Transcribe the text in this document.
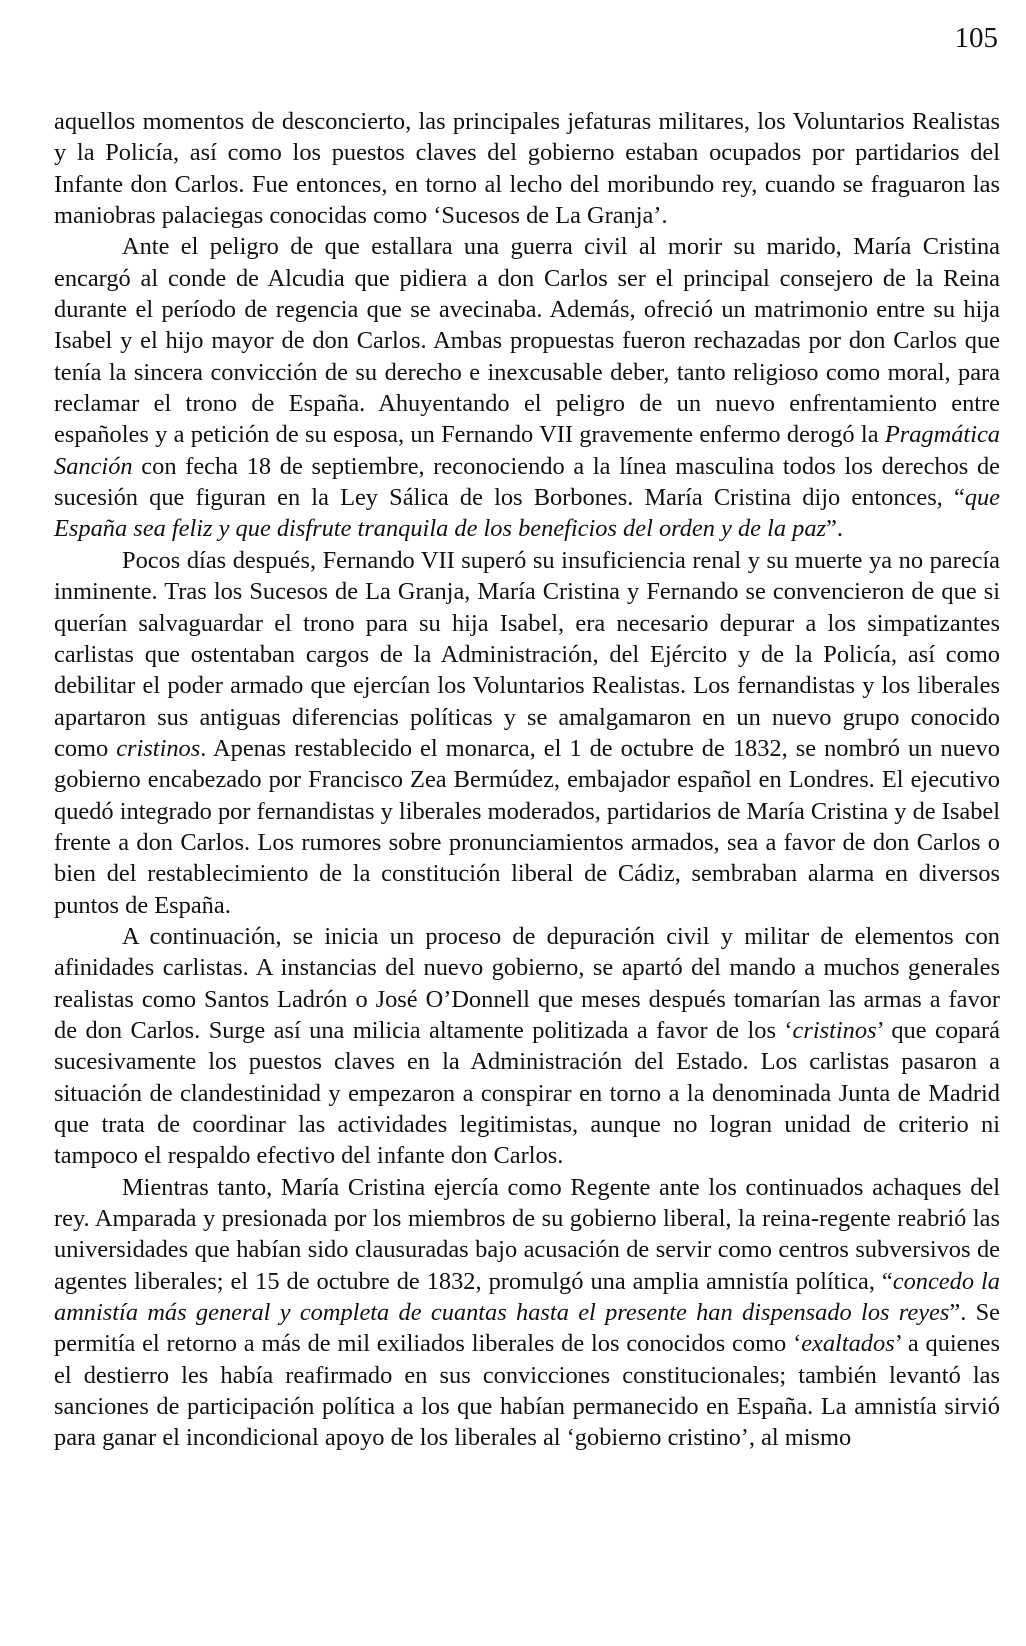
105

aquellos momentos de desconcierto, las principales jefaturas militares, los Voluntarios Realistas y la Policía, así como los puestos claves del gobierno estaban ocupados por partidarios del Infante don Carlos. Fue entonces, en torno al lecho del moribundo rey, cuando se fraguaron las maniobras palaciegas conocidas como ‘Sucesos de La Granja’.

Ante el peligro de que estallara una guerra civil al morir su marido, María Cristina encargó al conde de Alcudia que pidiera a don Carlos ser el principal consejero de la Reina durante el período de regencia que se avecinaba. Además, ofreció un matrimonio entre su hija Isabel y el hijo mayor de don Carlos. Ambas propuestas fueron rechazadas por don Carlos que tenía la sincera convicción de su derecho e inexcusable deber, tanto religioso como moral, para reclamar el trono de España. Ahuyentando el peligro de un nuevo enfrentamiento entre españoles y a petición de su esposa, un Fernando VII gravemente enfermo derogó la Pragmática Sanción con fecha 18 de septiembre, reconociendo a la línea masculina todos los derechos de sucesión que figuran en la Ley Sálica de los Borbones. María Cristina dijo entonces, “que España sea feliz y que disfrute tranquila de los beneficios del orden y de la paz”.

Pocos días después, Fernando VII superó su insuficiencia renal y su muerte ya no parecía inminente. Tras los Sucesos de La Granja, María Cristina y Fernando se convencieron de que si querían salvaguardar el trono para su hija Isabel, era necesario depurar a los simpatizantes carlistas que ostentaban cargos de la Administración, del Ejército y de la Policía, así como debilitar el poder armado que ejercían los Voluntarios Realistas. Los fernandistas y los liberales apartaron sus antiguas diferencias políticas y se amalgamaron en un nuevo grupo conocido como cristinos. Apenas restablecido el monarca, el 1 de octubre de 1832, se nombró un nuevo gobierno encabezado por Francisco Zea Bermúdez, embajador español en Londres. El ejecutivo quedó integrado por fernandistas y liberales moderados, partidarios de María Cristina y de Isabel frente a don Carlos. Los rumores sobre pronunciamientos armados, sea a favor de don Carlos o bien del restablecimiento de la constitución liberal de Cádiz, sembraban alarma en diversos puntos de España.

A continuación, se inicia un proceso de depuración civil y militar de elementos con afinidades carlistas. A instancias del nuevo gobierno, se apartó del mando a muchos generales realistas como Santos Ladrón o José O’Donnell que meses después tomarían las armas a favor de don Carlos. Surge así una milicia altamente politizada a favor de los ‘cristinos’ que copará sucesivamente los puestos claves en la Administración del Estado. Los carlistas pasaron a situación de clandestinidad y empezaron a conspirar en torno a la denominada Junta de Madrid que trata de coordinar las actividades legitimistas, aunque no logran unidad de criterio ni tampoco el respaldo efectivo del infante don Carlos.

Mientras tanto, María Cristina ejercía como Regente ante los continuados achaques del rey. Amparada y presionada por los miembros de su gobierno liberal, la reina-regente reabrió las universidades que habían sido clausuradas bajo acusación de servir como centros subversivos de agentes liberales; el 15 de octubre de 1832, promulgó una amplia amnistía política, “concedo la amnistía más general y completa de cuantas hasta el presente han dispensado los reyes”. Se permitía el retorno a más de mil exiliados liberales de los conocidos como ‘exaltados’ a quienes el destierro les había reafirmado en sus convicciones constitucionales; también levantó las sanciones de participación política a los que habían permanecido en España. La amnistía sirvió para ganar el incondicional apoyo de los liberales al ‘gobierno cristino’, al mismo
